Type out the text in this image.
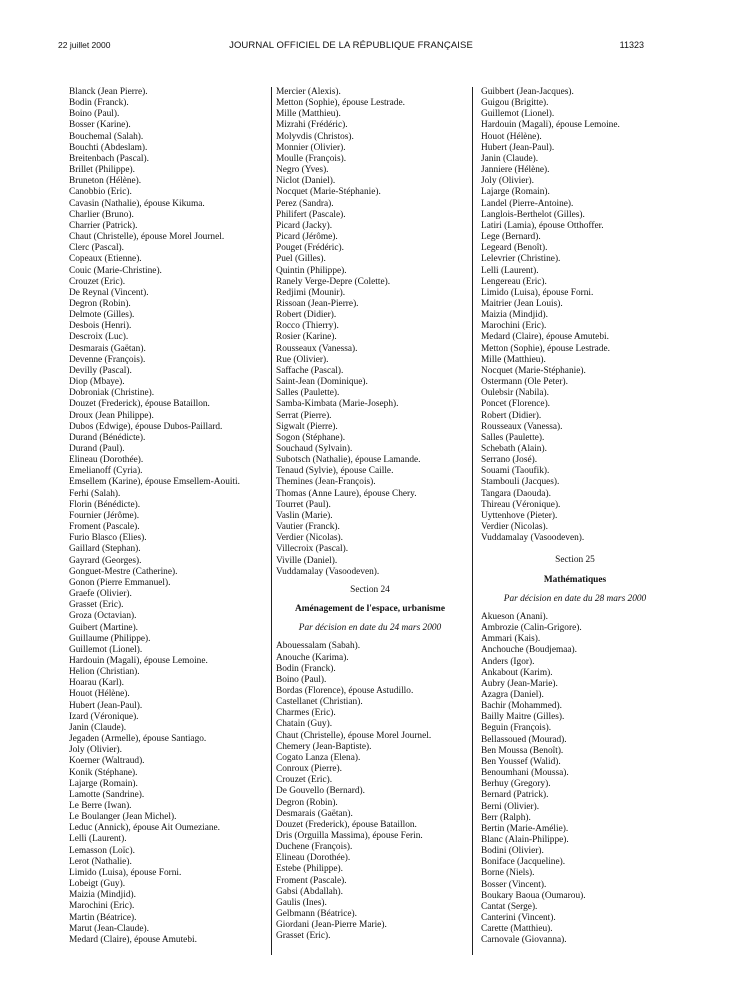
22 juillet 2000	JOURNAL OFFICIEL DE LA RÉPUBLIQUE FRANÇAISE	11323
Blanck (Jean Pierre).
Bodin (Franck).
Boino (Paul).
Bosser (Karine).
Bouchemal (Salah).
Bouchti (Abdeslam).
Breitenbach (Pascal).
Brillet (Philippe).
Bruneton (Hélène).
Canobbio (Eric).
Cavasin (Nathalie), épouse Kikuma.
Charlier (Bruno).
Charrier (Patrick).
Chaut (Christelle), épouse Morel Journel.
Clerc (Pascal).
Copeaux (Etienne).
Couic (Marie-Christine).
Crouzet (Eric).
De Reynal (Vincent).
Degron (Robin).
Delmote (Gilles).
Desbois (Henri).
Descroix (Luc).
Desmarais (Gaëtan).
Devenne (François).
Devilly (Pascal).
Diop (Mbaye).
Dobroniak (Christine).
Douzet (Frederick), épouse Bataillon.
Droux (Jean Philippe).
Dubos (Edwige), épouse Dubos-Paillard.
Durand (Bénédicte).
Durand (Paul).
Elineau (Dorothée).
Emelianoff (Cyria).
Emsellem (Karine), épouse Emsellem-Aouiti.
Ferhi (Salah).
Florin (Bénédicte).
Fournier (Jérôme).
Froment (Pascale).
Furio Blasco (Elies).
Gaillard (Stephan).
Gayrard (Georges).
Gonguet-Mestre (Catherine).
Gonon (Pierre Emmanuel).
Graefe (Olivier).
Grasset (Eric).
Groza (Octavian).
Guibert (Martine).
Guillaume (Philippe).
Guillemot (Lionel).
Hardouin (Magali), épouse Lemoine.
Helion (Christian).
Hoarau (Karl).
Houot (Hélène).
Hubert (Jean-Paul).
Izard (Véronique).
Janin (Claude).
Jegaden (Armelle), épouse Santiago.
Joly (Olivier).
Koerner (Waltraud).
Konik (Stéphane).
Lajarge (Romain).
Lamotte (Sandrine).
Le Berre (Iwan).
Le Boulanger (Jean Michel).
Leduc (Annick), épouse Ait Oumeziane.
Lelli (Laurent).
Lemasson (Loïc).
Lerot (Nathalie).
Limido (Luisa), épouse Forni.
Lobeigt (Guy).
Maizia (Mindjid).
Marochini (Eric).
Martin (Béatrice).
Marut (Jean-Claude).
Medard (Claire), épouse Amutebi.
Mercier (Alexis).
Metton (Sophie), épouse Lestrade.
Mille (Matthieu).
Mizrahi (Frédéric).
Molyvdis (Christos).
Monnier (Olivier).
Moulle (François).
Negro (Yves).
Niclot (Daniel).
Nocquet (Marie-Stéphanie).
Perez (Sandra).
Philifert (Pascale).
Picard (Jacky).
Picard (Jérôme).
Pouget (Frédéric).
Puel (Gilles).
Quintin (Philippe).
Ranely Verge-Depre (Colette).
Redjimi (Mounir).
Rissoan (Jean-Pierre).
Robert (Didier).
Rocco (Thierry).
Rosier (Karine).
Rousseaux (Vanessa).
Rue (Olivier).
Saffache (Pascal).
Saint-Jean (Dominique).
Salles (Paulette).
Samba-Kimbata (Marie-Joseph).
Serrat (Pierre).
Sigwalt (Pierre).
Sogon (Stéphane).
Souchaud (Sylvain).
Subotsch (Nathalie), épouse Lamande.
Tenaud (Sylvie), épouse Caille.
Themines (Jean-François).
Thomas (Anne Laure), épouse Chery.
Tourret (Paul).
Vaslin (Marie).
Vautier (Franck).
Verdier (Nicolas).
Villecroix (Pascal).
Viville (Daniel).
Vuddamalay (Vasoodeven).
Section 24
Aménagement de l'espace, urbanisme
Par décision en date du 24 mars 2000
Abouessalam (Sabah).
Anouche (Karima).
Bodin (Franck).
Boino (Paul).
Bordas (Florence), épouse Astudillo.
Castellanet (Christian).
Charmes (Eric).
Chatain (Guy).
Chaut (Christelle), épouse Morel Journel.
Chemery (Jean-Baptiste).
Cogato Lanza (Elena).
Conroux (Pierre).
Crouzet (Eric).
De Gouvello (Bernard).
Degron (Robin).
Desmarais (Gaëtan).
Douzet (Frederick), épouse Bataillon.
Dris (Orguilla Massima), épouse Ferin.
Duchene (François).
Elineau (Dorothée).
Estebe (Philippe).
Froment (Pascale).
Gabsi (Abdallah).
Gaulis (Ines).
Gelbmann (Béatrice).
Giordani (Jean-Pierre Marie).
Grasset (Eric).
Guibbert (Jean-Jacques).
Guigou (Brigitte).
Guillemot (Lionel).
Hardouin (Magali), épouse Lemoine.
Houot (Hélène).
Hubert (Jean-Paul).
Janin (Claude).
Janniere (Hélène).
Joly (Olivier).
Lajarge (Romain).
Landel (Pierre-Antoine).
Langlois-Berthelot (Gilles).
Latiri (Lamia), épouse Otthoffer.
Lege (Bernard).
Legeard (Benoît).
Lelevrier (Christine).
Lelli (Laurent).
Lengereau (Eric).
Limido (Luisa), épouse Forni.
Maitrier (Jean Louis).
Maizia (Mindjid).
Marochini (Eric).
Medard (Claire), épouse Amutebi.
Metton (Sophie), épouse Lestrade.
Mille (Matthieu).
Nocquet (Marie-Stéphanie).
Ostermann (Ole Peter).
Oulebsir (Nabila).
Poncet (Florence).
Robert (Didier).
Rousseaux (Vanessa).
Salles (Paulette).
Schebath (Alain).
Serrano (José).
Souami (Taoufik).
Stambouli (Jacques).
Tangara (Daouda).
Thireau (Véronique).
Uyttenhove (Pieter).
Verdier (Nicolas).
Vuddamalay (Vasoodeven).
Section 25
Mathématiques
Par décision en date du 28 mars 2000
Akueson (Anani).
Ambrozie (Calin-Grigore).
Ammari (Kais).
Anchouche (Boudjemaa).
Anders (Igor).
Ankabout (Karim).
Aubry (Jean-Marie).
Azagra (Daniel).
Bachir (Mohammed).
Bailly Maitre (Gilles).
Beguin (François).
Bellassoued (Mourad).
Ben Moussa (Benoît).
Ben Youssef (Walid).
Benoumhani (Moussa).
Berhuy (Gregory).
Bernard (Patrick).
Berni (Olivier).
Berr (Ralph).
Bertin (Marie-Amélie).
Blanc (Alain-Philippe).
Bodini (Olivier).
Boniface (Jacqueline).
Borne (Niels).
Bosser (Vincent).
Boukary Baoua (Oumarou).
Cantat (Serge).
Canterini (Vincent).
Carette (Matthieu).
Carnovale (Giovanna).
